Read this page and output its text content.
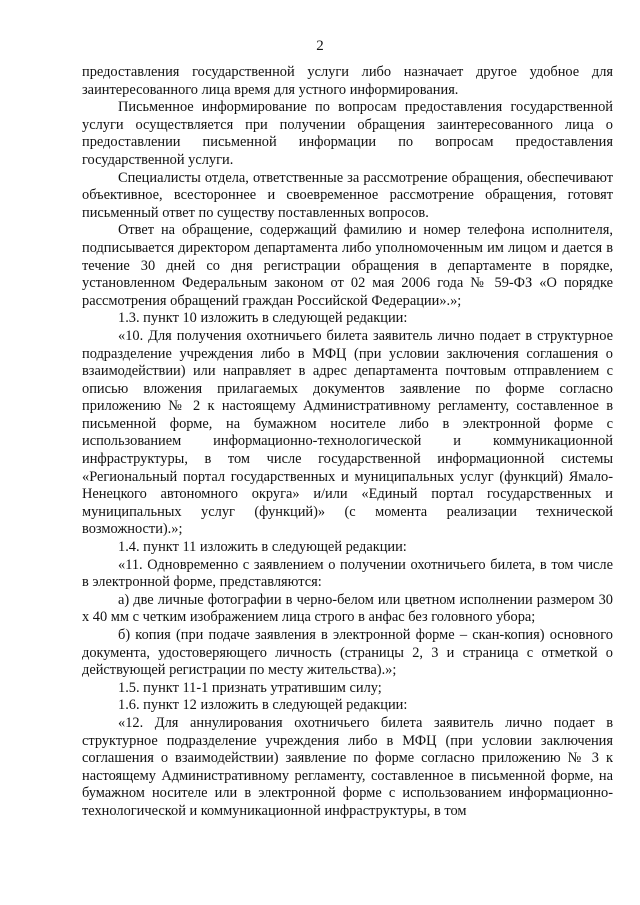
2

предоставления государственной услуги либо назначает другое удобное для заинтересованного лица время для устного информирования.

Письменное информирование по вопросам предоставления государственной услуги осуществляется при получении обращения заинтересованного лица о предоставлении письменной информации по вопросам предоставления государственной услуги.

Специалисты отдела, ответственные за рассмотрение обращения, обеспечивают объективное, всестороннее и своевременное рассмотрение обращения, готовят письменный ответ по существу поставленных вопросов.

Ответ на обращение, содержащий фамилию и номер телефона исполнителя, подписывается директором департамента либо уполномоченным им лицом и дается в течение 30 дней со дня регистрации обращения в департаменте в порядке, установленном Федеральным законом от 02 мая 2006 года № 59-ФЗ «О порядке рассмотрения обращений граждан Российской Федерации».»;

1.3. пункт 10 изложить в следующей редакции:

«10. Для получения охотничьего билета заявитель лично подает в структурное подразделение учреждения либо в МФЦ (при условии заключения соглашения о взаимодействии) или направляет в адрес департамента почтовым отправлением с описью вложения прилагаемых документов заявление по форме согласно приложению № 2 к настоящему Административному регламенту, составленное в письменной форме, на бумажном носителе либо в электронной форме с использованием информационно-технологической и коммуникационной инфраструктуры, в том числе государственной информационной системы «Региональный портал государственных и муниципальных услуг (функций) Ямало-Ненецкого автономного округа» и/или «Единый портал государственных и муниципальных услуг (функций)» (с момента реализации технической возможности).»;

1.4. пункт 11 изложить в следующей редакции:

«11. Одновременно с заявлением о получении охотничьего билета, в том числе в электронной форме, представляются:

а) две личные фотографии в черно-белом или цветном исполнении размером 30 х 40 мм с четким изображением лица строго в анфас без головного убора;

б) копия (при подаче заявления в электронной форме – скан-копия) основного документа, удостоверяющего личность (страницы 2, 3 и страница с отметкой о действующей регистрации по месту жительства).»;

1.5. пункт 11-1 признать утратившим силу;

1.6. пункт 12 изложить в следующей редакции:

«12. Для аннулирования охотничьего билета заявитель лично подает в структурное подразделение учреждения либо в МФЦ (при условии заключения соглашения о взаимодействии) заявление по форме согласно приложению № 3 к настоящему Административному регламенту, составленное в письменной форме, на бумажном носителе или в электронной форме с использованием информационно-технологической и коммуникационной инфраструктуры, в том
